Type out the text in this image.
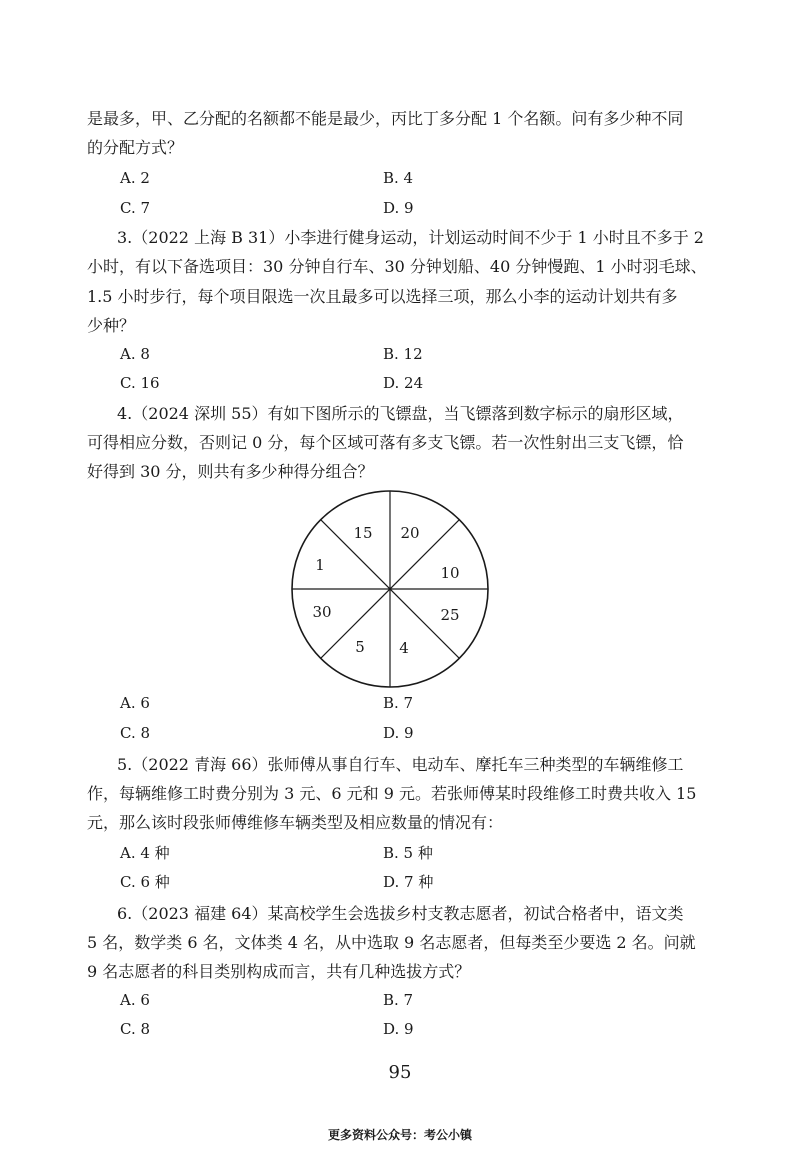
是最多，甲、乙分配的名额都不能是最少，丙比丁多分配 1 个名额。问有多少种不同
的分配方式？
A. 2	B. 4
C. 7	D. 9
3.（2022 上海 B 31）小李进行健身运动，计划运动时间不少于 1 小时且不多于 2
小时，有以下备选项目：30 分钟自行车、30 分钟划船、40 分钟慢跑、1 小时羽毛球、
1.5 小时步行，每个项目限选一次且最多可以选择三项，那么小李的运动计划共有多
少种？
A. 8	B. 12
C. 16	D. 24
4.（2024 深圳 55）有如下图所示的飞镖盘，当飞镖落到数字标示的扇形区域，
可得相应分数，否则记 0 分，每个区域可落有多支飞镖。若一次性射出三支飞镖，恰
好得到 30 分，则共有多少种得分组合？
15 20
1	10
30	25
5 4
A. 6	B. 7
C. 8	D. 9
5.（2022 青海 66）张师傅从事自行车、电动车、摩托车三种类型的车辆维修工
作，每辆维修工时费分别为 3 元、6 元和 9 元。若张师傅某时段维修工时费共收入 15
元，那么该时段张师傅维修车辆类型及相应数量的情况有：
A. 4 种	B. 5 种
C. 6 种	D. 7 种
6.（2023 福建 64）某高校学生会选拔乡村支教志愿者，初试合格者中，语文类
5 名，数学类 6 名，文体类 4 名，从中选取 9 名志愿者，但每类至少要选 2 名。问就
9 名志愿者的科目类别构成而言，共有几种选拔方式？
A. 6	B. 7
C. 8	D. 9
95
更多资料公众号：考公小镇
